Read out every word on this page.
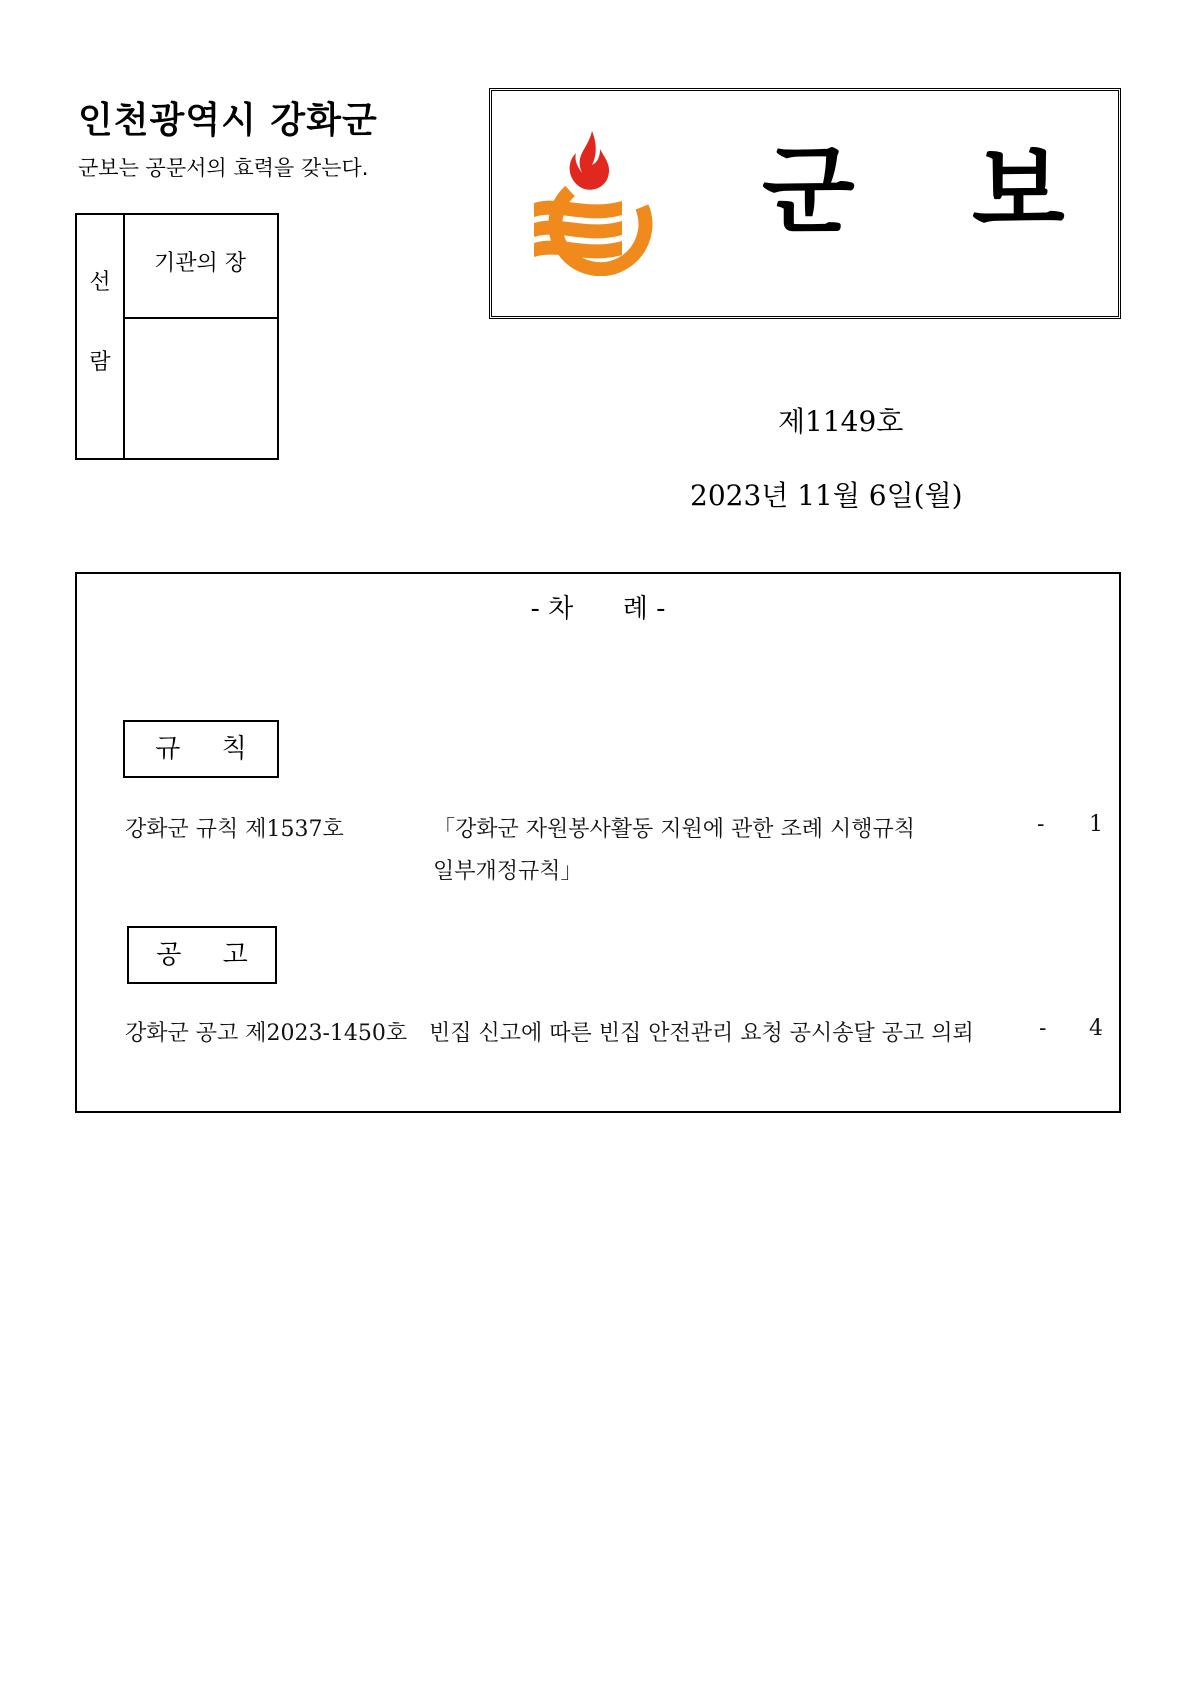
인천광역시 강화군
군보는 공문서의 효력을 갖는다.
선
람
기관의 장
군 보
제1149호
2023년 11월 6일(월)
- 차      례 -
규     칙
강화군 규칙 제1537호	「강화군 자원봉사활동 지원에 관한 조례 시행규칙
일부개정규칙」
- 1
공     고
강화군 공고 제2023-1450호 빈집 신고에 따른 빈집 안전관리 요청 공시송달 공고 의뢰	- 4
